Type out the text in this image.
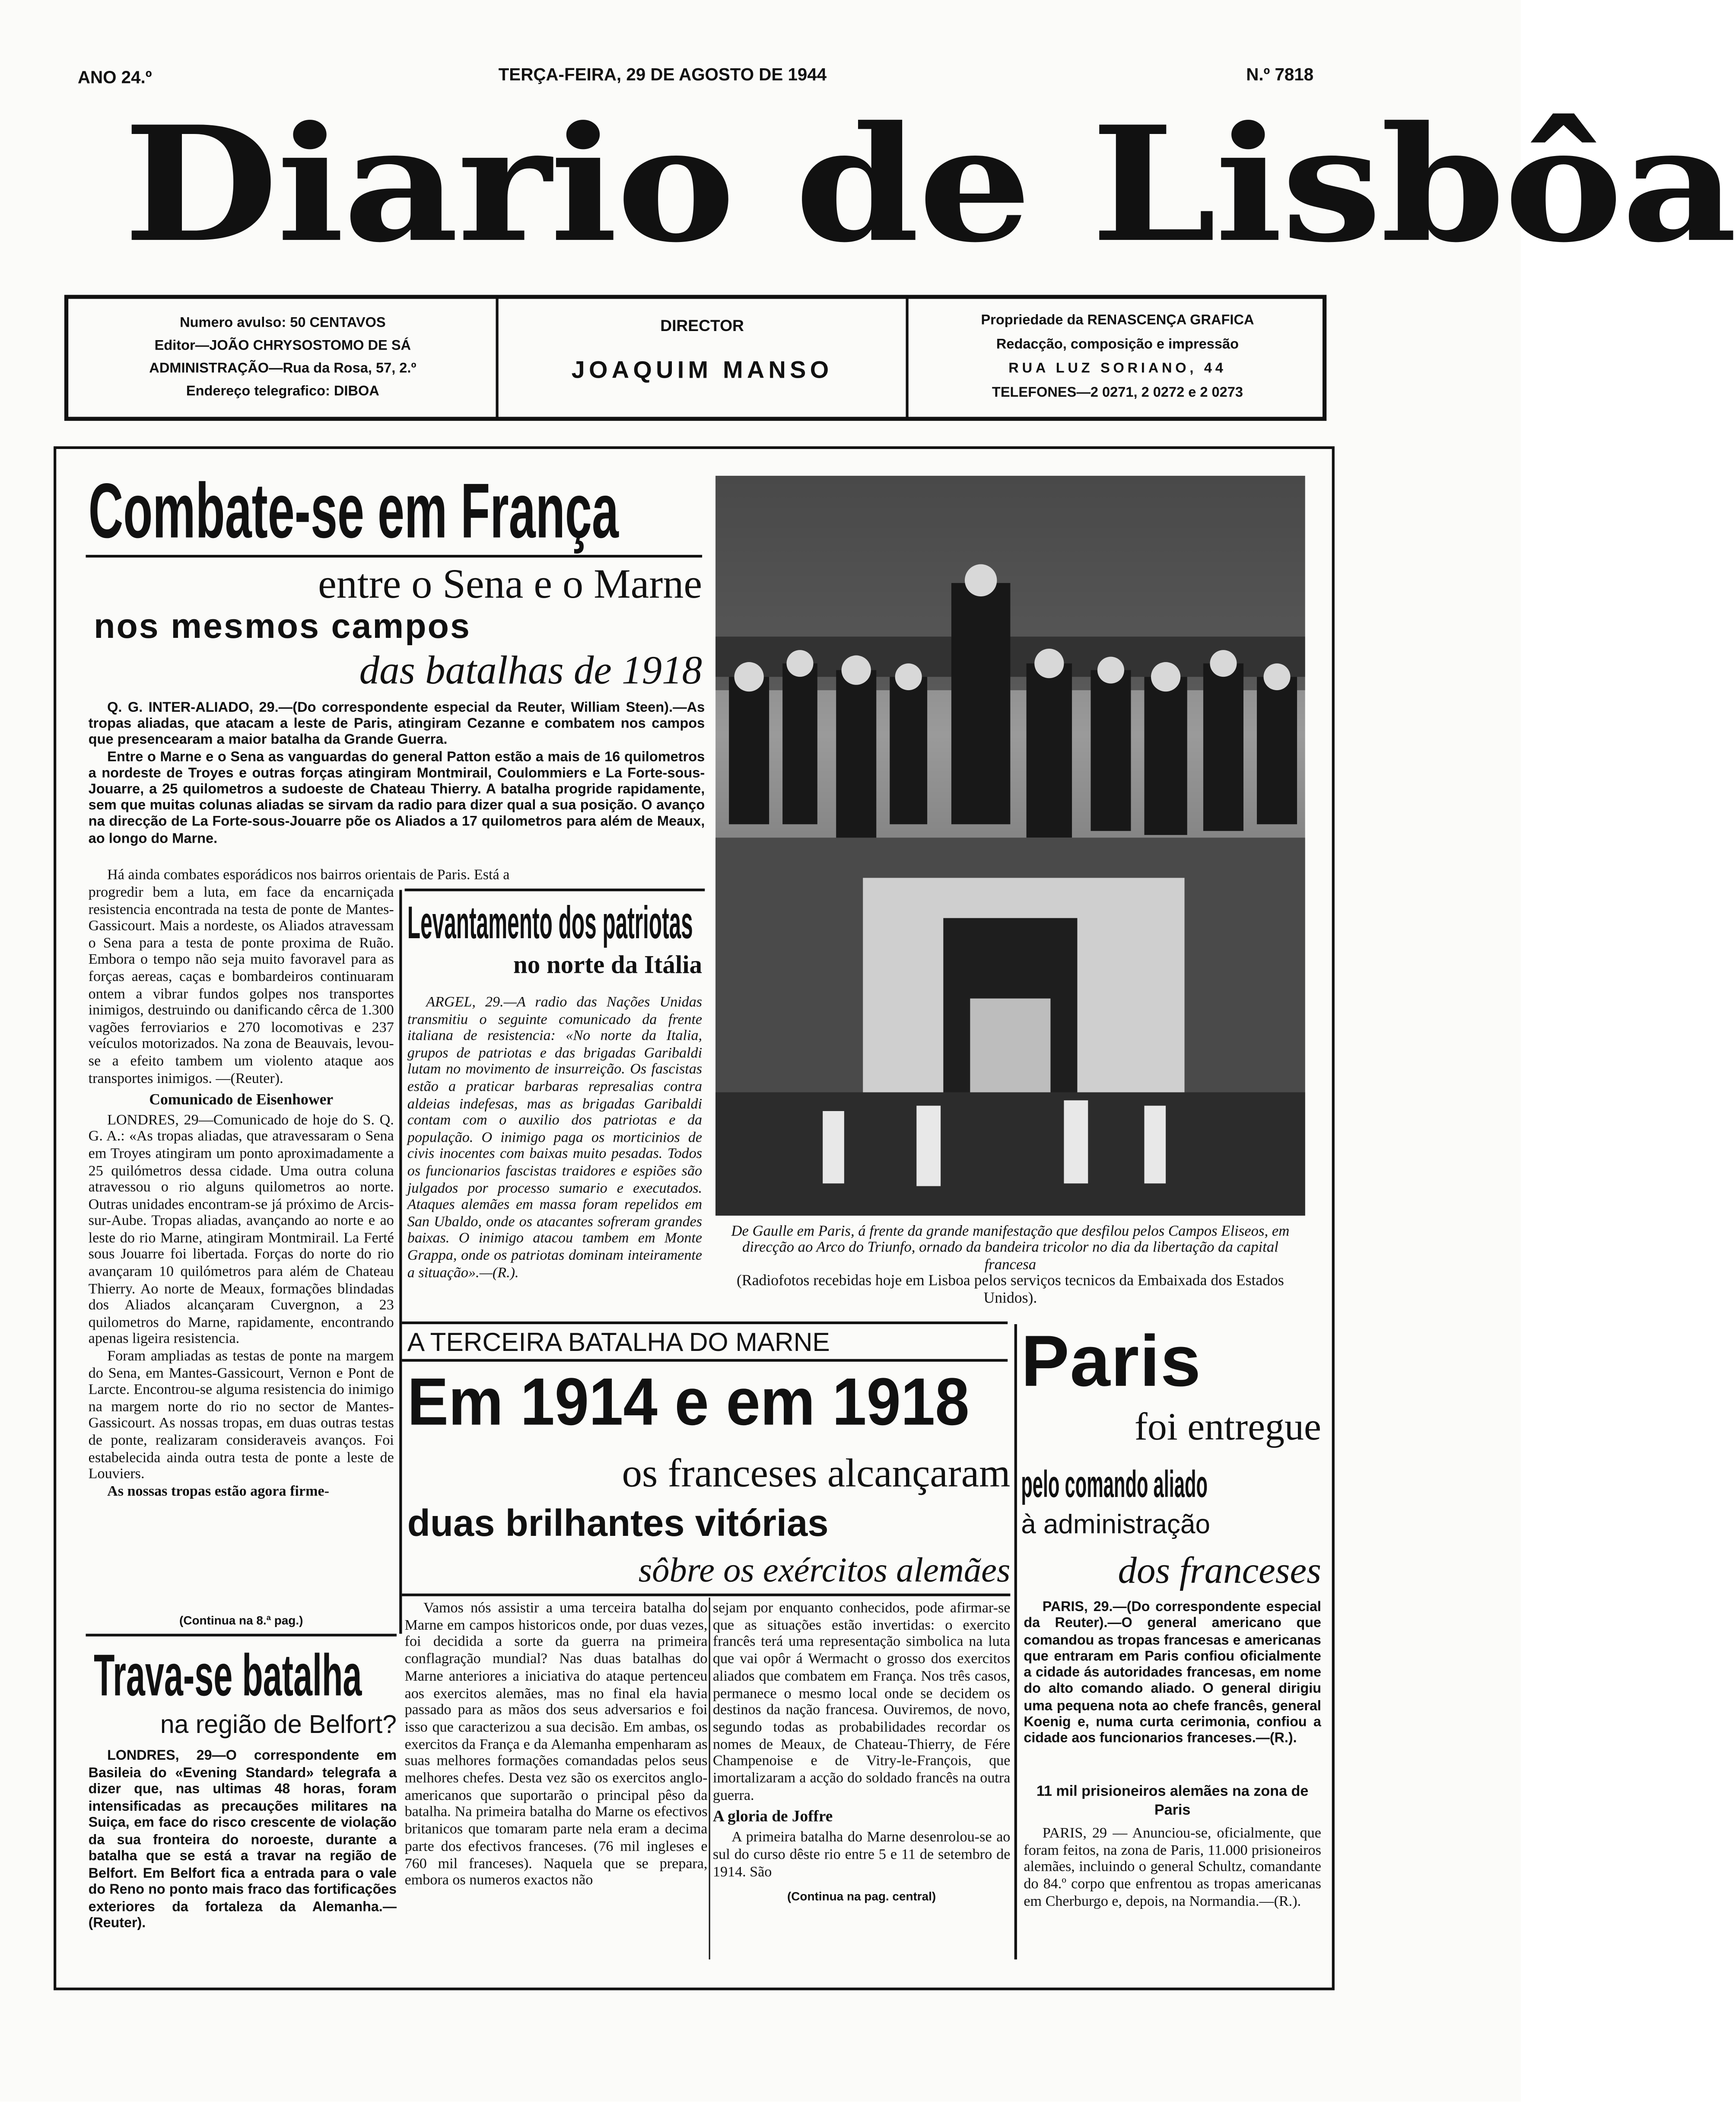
ANO 24.º	TERÇA-FEIRA, 29 DE AGOSTO DE 1944	N.º 7818
Diario de Lisbôa
Numero avulso: 50 CENTAVOS
Editor—JOÃO CHRYSOSTOMO DE SÁ
ADMINISTRAÇÃO—Rua da Rosa, 57, 2.º
Endereço telegrafico: DIBOA
DIRECTOR
JOAQUIM MANSO
Propriedade da RENASCENÇA GRAFICA
Redacção, composição e impressão
RUA LUZ SORIANO, 44
TELEFONES—2 0271, 2 0272 e 2 0273
Combate-se em França
entre o Sena e o Marne
nos mesmos campos
das batalhas de 1918
Q. G. INTER-ALIADO, 29.—(Do correspondente especial da Reuter, William Steen).—As tropas aliadas, que atacam a leste de Paris, atingiram Cezanne e combatem nos campos que presencearam a maior batalha da Grande Guerra.
Entre o Marne e o Sena as vanguardas do general Patton estão a mais de 16 quilometros a nordeste de Troyes e outras forças atingiram Montmirail, Coulommiers e La Forte-sous-Jouarre, a 25 quilometros a sudoeste de Chateau Thierry. A batalha progride rapidamente, sem que muitas colunas aliadas se sirvam da radio para dizer qual a sua posição. O avanço na direcção de La Forte-sous-Jouarre põe os Aliados a 17 quilometros para além de Meaux, ao longo do Marne.

Há ainda combates esporádicos nos bairros orientais de Paris. Está a

progredir bem a luta, em face da encarniçada resistencia encontrada na testa de ponte de Mantes-Gassicourt. Mais a nordeste, os Aliados atravessam o Sena para a testa de ponte proxima de Ruão. Embora o tempo não seja muito favoravel para as forças aereas, caças e bombardeiros continuaram ontem a vibrar fundos golpes nos transportes inimigos, destruindo ou danificando cêrca de 1.300 vagões ferroviarios e 270 locomotivas e 237 veículos motorizados. Na zona de Beauvais, levou-se a efeito tambem um violento ataque aos transportes inimigos. —(Reuter).

Comunicado de Eisenhower

LONDRES, 29—Comunicado de hoje do S. Q. G. A.: «As tropas aliadas, que atravessaram o Sena em Troyes atingiram um ponto aproximadamente a 25 quilómetros dessa cidade. Uma outra coluna atravessou o rio alguns quilometros ao norte. Outras unidades encontram-se já próximo de Arcis-sur-Aube. Tropas aliadas, avançando ao norte e ao leste do rio Marne, atingiram Montmirail. La Ferté sous Jouarre foi libertada. Forças do norte do rio avançaram 10 quilómetros para além de Chateau Thierry. Ao norte de Meaux, formações blindadas dos Aliados alcançaram Cuvergnon, a 23 quilometros do Marne, rapidamente, encontrando apenas ligeira resistencia.

Foram ampliadas as testas de ponte na margem do Sena, em Mantes-Gassicourt, Vernon e Pont de Larcte. Encontrou-se alguma resistencia do inimigo na margem norte do rio no sector de Mantes-Gassicourt. As nossas tropas, em duas outras testas de ponte, realizaram consideraveis avanços. Foi estabelecida ainda outra testa de ponte a leste de Louviers.

As nossas tropas estão agora firme-

(Continua na 8.ª pag.)
Trava-se batalha
na região de Belfort?
LONDRES, 29—O correspondente em Basileia do «Evening Standard» telegrafa a dizer que, nas ultimas 48 horas, foram intensificadas as precauções militares na Suiça, em face do risco crescente de violação da sua fronteira do noroeste, durante a batalha que se está a travar na região de Belfort. Em Belfort fica a entrada para o vale do Reno no ponto mais fraco das fortificações exteriores da fortaleza da Alemanha.—(Reuter).
Levantamento dos patriotas
no norte da Itália
ARGEL, 29.—A radio das Nações Unidas transmitiu o seguinte comunicado da frente italiana de resistencia: «No norte da Italia, grupos de patriotas e das brigadas Garibaldi lutam no movimento de insurreição. Os fascistas estão a praticar barbaras represalias contra aldeias indefesas, mas as brigadas Garibaldi contam com o auxilio dos patriotas e da população. O inimigo paga os morticinios de civis inocentes com baixas muito pesadas. Todos os funcionarios fascistas traidores e espiões são julgados por processo sumario e executados. Ataques alemães em massa foram repelidos em San Ubaldo, onde os atacantes sofreram grandes baixas. O inimigo atacou tambem em Monte Grappa, onde os patriotas dominam inteiramente a situação».—(R.).
De Gaulle em Paris, á frente da grande manifestação que desfilou pelos Campos Eliseos, em direcção ao Arco do Triunfo, ornado da bandeira tricolor no dia da libertação da capital francesa
(Radiofotos recebidas hoje em Lisboa pelos serviços tecnicos da Embaixada dos Estados Unidos).
A TERCEIRA BATALHA DO MARNE
Em 1914 e em 1918
os franceses alcançaram
duas brilhantes vitórias
sôbre os exércitos alemães
Vamos nós assistir a uma terceira batalha do Marne em campos historicos onde, por duas vezes, foi decidida a sorte da guerra na primeira conflagração mundial? Nas duas batalhas do Marne anteriores a iniciativa do ataque pertenceu aos exercitos alemães, mas no final ela havia passado para as mãos dos seus adversarios e foi isso que caracterizou a sua decisão. Em ambas, os exercitos da França e da Alemanha empenharam as suas melhores formações comandadas pelos seus melhores chefes. Desta vez são os exercitos anglo-americanos que suportarão o principal pêso da batalha. Na primeira batalha do Marne os efectivos britanicos que tomaram parte nela eram a decima parte dos efectivos franceses. (76 mil ingleses e 760 mil franceses). Naquela que se prepara, embora os numeros exactos não
sejam por enquanto conhecidos, pode afirmar-se que as situações estão invertidas: o exercito francês terá uma representação simbolica na luta que vai opôr á Wermacht o grosso dos exercitos aliados que combatem em França. Nos três casos, permanece o mesmo local onde se decidem os destinos da nação francesa. Ouviremos, de novo, segundo todas as probabilidades recordar os nomes de Meaux, de Chateau-Thierry, de Fére Champenoise e de Vitry-le-François, que imortalizaram a acção do soldado francês na outra guerra.
A gloria de Joffre
A primeira batalha do Marne desenrolou-se ao sul do curso dêste rio entre 5 e 11 de setembro de 1914. São
(Continua na pag. central)
Paris
foi entregue
pelo comando aliado
à administração
dos franceses
PARIS, 29.—(Do correspondente especial da Reuter).—O general americano que comandou as tropas francesas e americanas que entraram em Paris confiou oficialmente a cidade ás autoridades francesas, em nome do alto comando aliado. O general dirigiu uma pequena nota ao chefe francês, general Koenig e, numa curta cerimonia, confiou a cidade aos funcionarios franceses.—(R.).
11 mil prisioneiros alemães na zona de Paris
PARIS, 29 — Anunciou-se, oficialmente, que foram feitos, na zona de Paris, 11.000 prisioneiros alemães, incluindo o general Schultz, comandante do 84.º corpo que enfrentou as tropas americanas em Cherburgo e, depois, na Normandia.—(R.).
